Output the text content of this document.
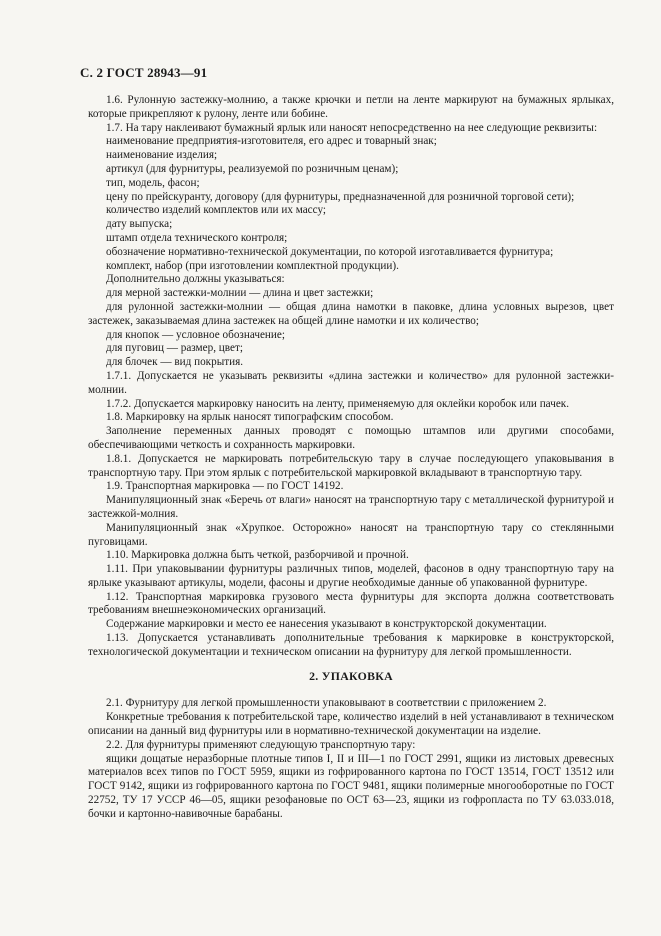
С. 2 ГОСТ 28943—91

1.6. Рулонную застежку-молнию, а также крючки и петли на ленте маркируют на бумажных ярлыках, которые прикрепляют к рулону, ленте или бобине.

1.7. На тару наклеивают бумажный ярлык или наносят непосредственно на нее следующие реквизиты:

наименование предприятия-изготовителя, его адрес и товарный знак;

наименование изделия;

артикул (для фурнитуры, реализуемой по розничным ценам);

тип, модель, фасон;

цену по прейскуранту, договору (для фурнитуры, предназначенной для розничной торговой сети);

количество изделий комплектов или их массу;

дату выпуска;

штамп отдела технического контроля;

обозначение нормативно-технической документации, по которой изготавливается фурнитура;

комплект, набор (при изготовлении комплектной продукции).

Дополнительно должны указываться:

для мерной застежки-молнии — длина и цвет застежки;

для рулонной застежки-молнии — общая длина намотки в паковке, длина условных вырезов, цвет застежек, заказываемая длина застежек на общей длине намотки и их количество;

для кнопок — условное обозначение;

для пуговиц — размер, цвет;

для блочек — вид покрытия.

1.7.1. Допускается не указывать реквизиты «длина застежки и количество» для рулонной застежки-молнии.

1.7.2. Допускается маркировку наносить на ленту, применяемую для оклейки коробок или пачек.

1.8. Маркировку на ярлык наносят типографским способом.

Заполнение переменных данных проводят с помощью штампов или другими способами, обеспечивающими четкость и сохранность маркировки.

1.8.1. Допускается не маркировать потребительскую тару в случае последующего упаковывания в транспортную тару. При этом ярлык с потребительской маркировкой вкладывают в транспортную тару.

1.9. Транспортная маркировка — по ГОСТ 14192.

Манипуляционный знак «Беречь от влаги» наносят на транспортную тару с металлической фурнитурой и застежкой-молния.

Манипуляционный знак «Хрупкое. Осторожно» наносят на транспортную тару со стеклянными пуговицами.

1.10. Маркировка должна быть четкой, разборчивой и прочной.

1.11. При упаковывании фурнитуры различных типов, моделей, фасонов в одну транспортную тару на ярлыке указывают артикулы, модели, фасоны и другие необходимые данные об упакованной фурнитуре.

1.12. Транспортная маркировка грузового места фурнитуры для экспорта должна соответствовать требованиям внешнеэкономических организаций.

Содержание маркировки и место ее нанесения указывают в конструкторской документации.

1.13. Допускается устанавливать дополнительные требования к маркировке в конструкторской, технологической документации и техническом описании на фурнитуру для легкой промышленности.

2. УПАКОВКА

2.1. Фурнитуру для легкой промышленности упаковывают в соответствии с приложением 2.

Конкретные требования к потребительской таре, количество изделий в ней устанавливают в техническом описании на данный вид фурнитуры или в нормативно-технической документации на изделие.

2.2. Для фурнитуры применяют следующую транспортную тару:

ящики дощатые неразборные плотные типов I, II и III—1 по ГОСТ 2991, ящики из листовых древесных материалов всех типов по ГОСТ 5959, ящики из гофрированного картона по ГОСТ 13514, ГОСТ 13512 или ГОСТ 9142, ящики из гофрированного картона по ГОСТ 9481, ящики полимерные многооборотные по ГОСТ 22752, ТУ 17 УССР 46—05, ящики резофановые по ОСТ 63—23, ящики из гофропласта по ТУ 63.033.018, бочки и картонно-навивочные барабаны.
